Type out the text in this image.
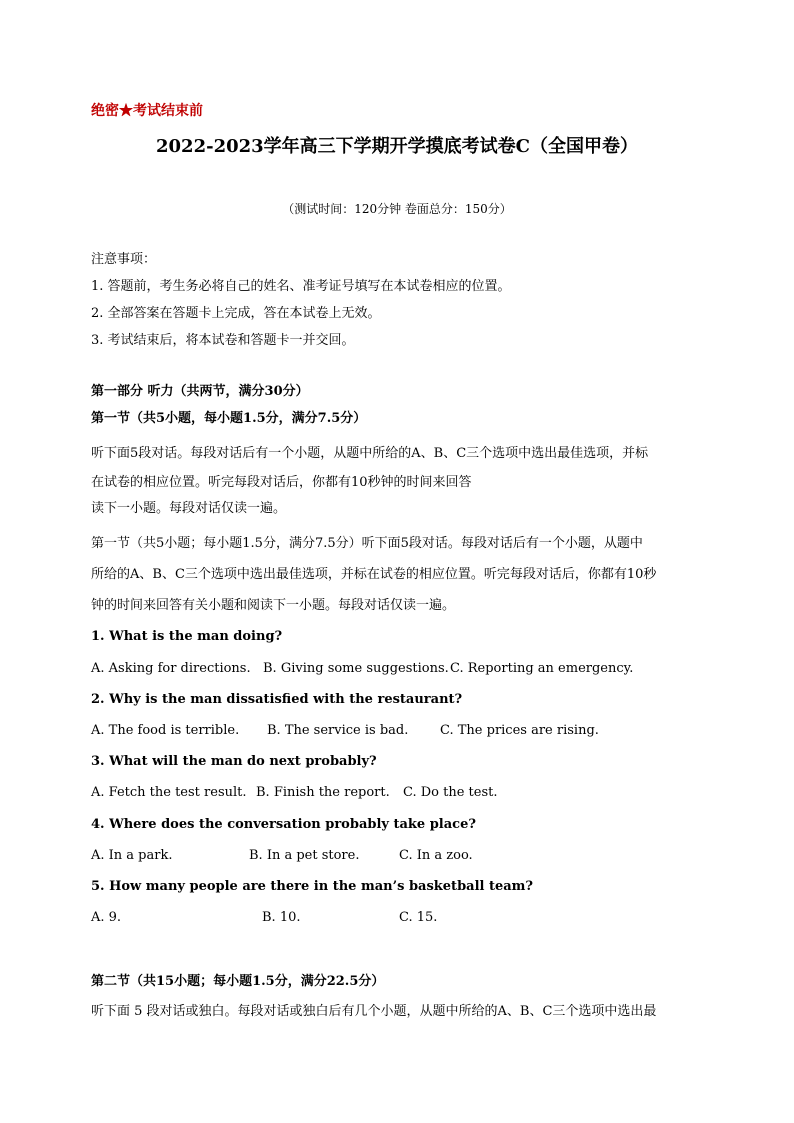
绝密★考试结束前
2022-2023学年高三下学期开学摸底考试卷C（全国甲卷）
（测试时间：120分钟 卷面总分：150分）
注意事项：
1. 答题前，考生务必将自己的姓名、准考证号填写在本试卷相应的位置。
2. 全部答案在答题卡上完成，答在本试卷上无效。
3. 考试结束后，将本试卷和答题卡一并交回。
第一部分 听力（共两节，满分30分）
第一节（共5小题，每小题1.5分，满分7.5分）
听下面5段对话。每段对话后有一个小题，从题中所给的A、B、C三个选项中选出最佳选项，并标
在试卷的相应位置。听完每段对话后，你都有10秒钟的时间来回答
读下一小题。每段对话仅读一遍。
第一节（共5小题；每小题1.5分，满分7.5分）听下面5段对话。每段对话后有一个小题，从题中
所给的A、B、C三个选项中选出最佳选项，并标在试卷的相应位置。听完每段对话后，你都有10秒
钟的时间来回答有关小题和阅读下一小题。每段对话仅读一遍。
1. What is the man doing?
A. Asking for directions. B. Giving some suggestions. C. Reporting an emergency.
2. Why is the man dissatisfied with the restaurant?
A. The food is terrible. B. The service is bad. C. The prices are rising.
3. What will the man do next probably?
A. Fetch the test result. B. Finish the report. C. Do the test.
4. Where does the conversation probably take place?
A. In a park.	B. In a pet store.	C. In a zoo.
5. How many people are there in the man’s basketball team?
A. 9.	B. 10.	C. 15.
第二节（共15小题；每小题1.5分，满分22.5分）
听下面 5 段对话或独白。每段对话或独白后有几个小题，从题中所给的A、B、C三个选项中选出最
